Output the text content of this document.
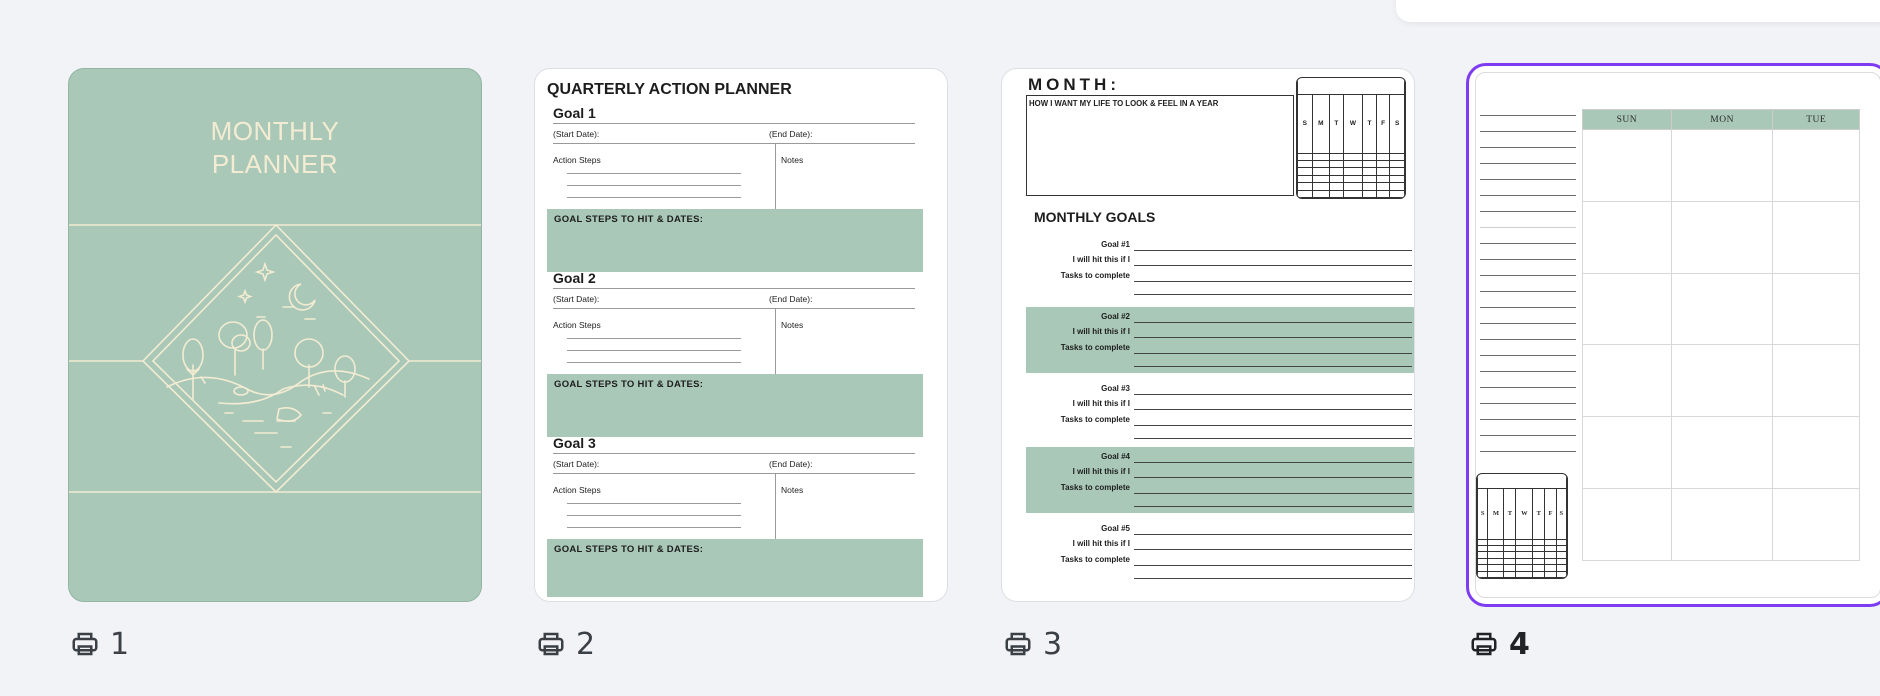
MONTHLY
PLANNER
1
QUARTERLY ACTION PLANNER
Goal 1
(Start Date):	(End Date):
Action Steps	Notes
GOAL STEPS TO HIT & DATES:
Goal 2
(Start Date):	(End Date):
Action Steps	Notes
GOAL STEPS TO HIT & DATES:
Goal 3
(Start Date):	(End Date):
Action Steps	Notes
GOAL STEPS TO HIT & DATES:
2
MONTH:
HOW I WANT MY LIFE TO LOOK & FEEL IN A YEAR

S	M	T	W	T	F	S

MONTHLY GOALS
Goal #1
I will hit this if I
Tasks to complete
Goal #2
I will hit this if I
Tasks to complete
Goal #3
I will hit this if I
Tasks to complete
Goal #4
I will hit this if I
Tasks to complete
Goal #5
I will hit this if I
Tasks to complete
3

S	M	T	W	T	F	S

SUN	MON	TUE

4
